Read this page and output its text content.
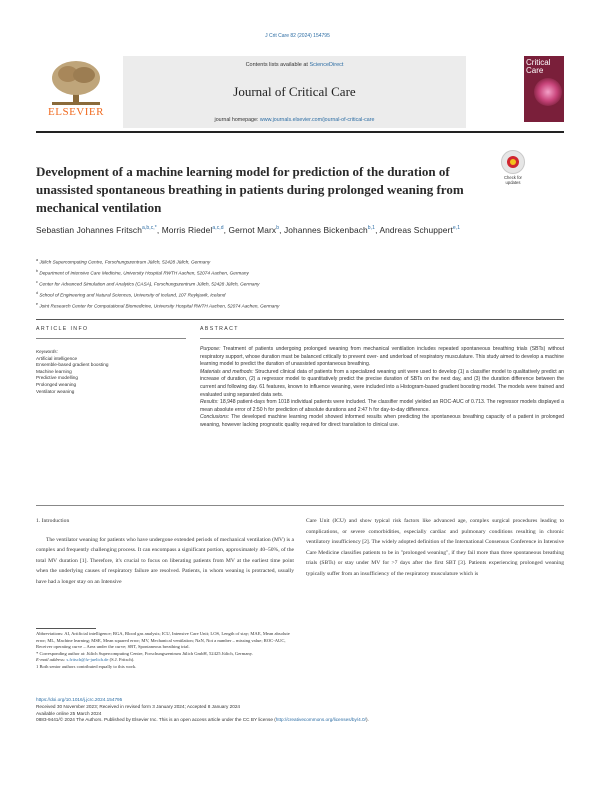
J Crit Care 82 (2024) 154795
ELSEVIER
Contents lists available at ScienceDirect
Journal of Critical Care
journal homepage: www.journals.elsevier.com/journal-of-critical-care
Critical Care
Development of a machine learning model for prediction of the duration of unassisted spontaneous breathing in patients during prolonged weaning from mechanical ventilation
Check for
updates
Sebastian Johannes Fritsch$^{a,b,c,*}$, Morris Riedel$^{a,c,d}$, Gernot Marx$^b$, Johannes Bickenbach$^{b,1}$, Andreas Schuppert$^{e,1}$
$^a$ Jülich Supercomputing Centre, Forschungszentrum Jülich, 52428 Jülich, Germany
$^b$ Department of Intensive Care Medicine, University Hospital RWTH Aachen, 52074 Aachen, Germany
$^c$ Center for Advanced Simulation and Analytics (CASA), Forschungszentrum Jülich, 52428 Jülich, Germany
$^d$ School of Engineering and Natural Sciences, University of Iceland, 107 Reykjavik, Iceland
$^e$ Joint Research Center for Computational Biomedicine, University Hospital RWTH Aachen, 52074 Aachen, Germany
ARTICLE INFO	ABSTRACT
Keywords:
Artificial intelligence
Ensemble-based gradient boosting
Machine learning
Predictive modelling
Prolonged weaning
Ventilator weaning

Purpose: Treatment of patients undergoing prolonged weaning from mechanical ventilation includes repeated spontaneous breathing trials (SBTs) without respiratory support, whose duration must be balanced critically to prevent over- and underload of respiratory musculature. This study aimed to develop a machine learning model to predict the duration of unassisted spontaneous breathing.

Materials and methods: Structured clinical data of patients from a specialized weaning unit were used to develop (1) a classifier model to qualitatively predict an increase of duration, (2) a regressor model to quantitatively predict the precise duration of SBTs on the next day, and (3) the duration difference between the current and following day. 61 features, known to influence weaning, were included into a Histogram-based gradient boosting model. The models were trained and evaluated using separated data sets.

Results: 18,948 patient-days from 1018 individual patients were included. The classifier model yielded an ROC-AUC of 0.713. The regressor models displayed a mean absolute error of 2:50 h for prediction of absolute durations and 2:47 h for day-to-day difference.

Conclusions: The developed machine learning model showed informed results when predicting the spontaneous breathing capacity of a patient in prolonged weaning, however lacking prognostic quality required for direct translation to clinical use.

1. Introduction

The ventilator weaning for patients who have undergone extended periods of mechanical ventilation (MV) is a complex and frequently challenging process. It can encompass a significant portion, approximately 40–50%, of the total MV duration [1]. Therefore, it's crucial to focus on liberating patients from MV at the earliest time point when the underlying causes of respiratory failure are resolved. Patients, in whom weaning is protracted, usually have had a longer stay on an Intensive

Care Unit (ICU) and show typical risk factors like advanced age, complex surgical procedures leading to complications, or severe comorbidities, especially cardiac and pulmonary conditions resulting in chronic ventilatory insufficiency [2]. The widely adopted definition of the International Consensus Conference in Intensive Care Medicine classifies patients to be in "prolonged weaning", if they fail more than three spontaneous breathing trials (SBTs) or stay under MV for >7 days after the first SBT [3]. Patients experiencing prolonged weaning typically suffer from an insufficiency of the respiratory musculature which is

Abbreviations: AI, Artificial intelligence; BGA, Blood gas analysis; ICU, Intensive Care Unit; LOS, Length of stay; MAE, Mean absolute error; ML, Machine learning; MSE, Mean squared error; MV, Mechanical ventilation; NaN, Not a number – missing value; ROC-AUC, Receiver operating curve – Area under the curve; SBT, Spontaneous breathing trial.

* Corresponding author at: Jülich Supercomputing Centre, Forschungszentrum Jülich GmbH, 52425 Jülich, Germany.

E-mail address: s.fritsch@fz-juelich.de (S.J. Fritsch).

1 Both senior authors contributed equally to this work.

https://doi.org/10.1016/j.jcrc.2024.154795

Received 30 November 2023; Received in revised form 3 January 2024; Accepted 8 January 2024

Available online 25 March 2024

0883-9441/© 2024 The Authors. Published by Elsevier Inc. This is an open access article under the CC BY license (http://creativecommons.org/licenses/by/4.0/).
